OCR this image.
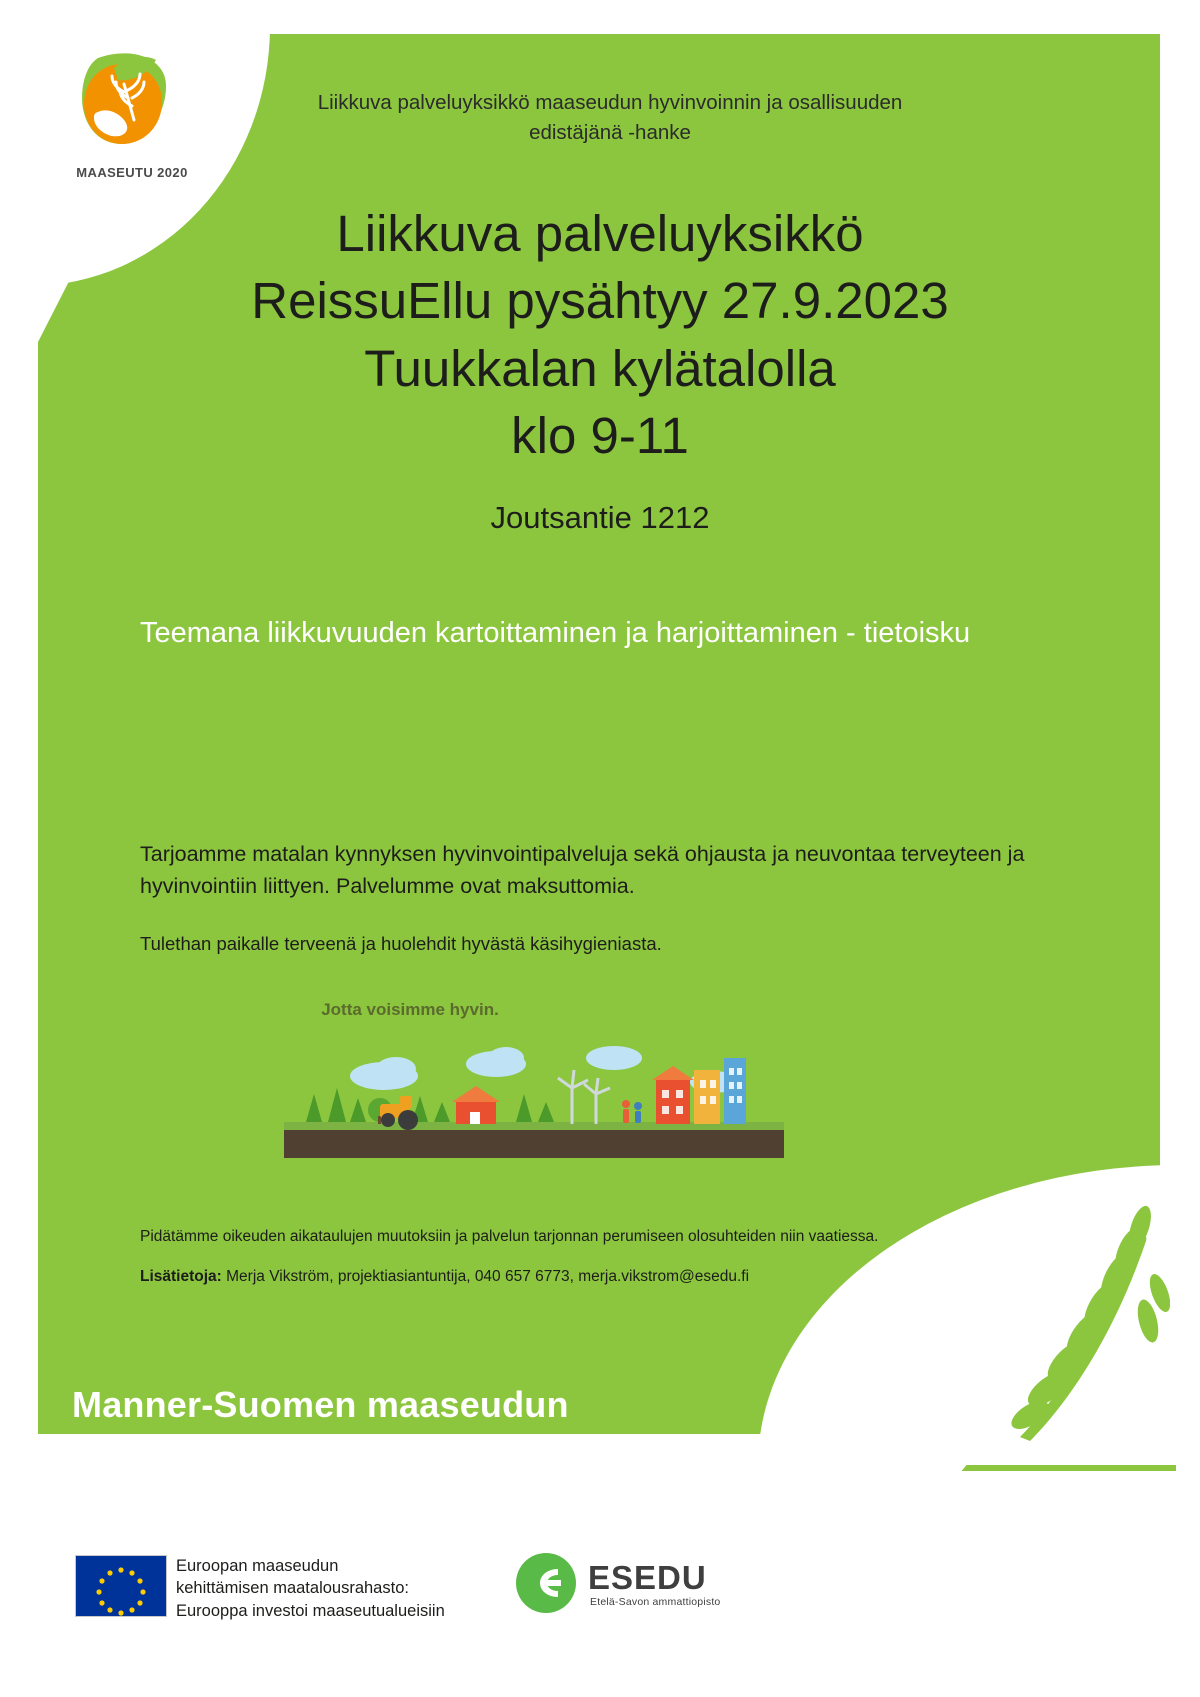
MAASEUTU 2020
Liikkuva palveluyksikkö maaseudun hyvinvoinnin ja osallisuuden edistäjänä -hanke
Liikkuva palveluyksikkö
ReissuEllu pysähtyy 27.9.2023
Tuukkalan kylätalolla
klo 9-11
Joutsantie 1212
Teemana liikkuvuuden kartoittaminen ja harjoittaminen - tietoisku
Tarjoamme matalan kynnyksen hyvinvointipalveluja sekä ohjausta ja neuvontaa terveyteen ja hyvinvointiin liittyen. Palvelumme ovat maksuttomia.
Tulethan paikalle terveenä ja huolehdit hyvästä käsihygieniasta.
Jotta voisimme hyvin.
Pidätämme oikeuden aikataulujen muutoksiin ja palvelun tarjonnan perumiseen olosuhteiden niin vaatiessa.
Lisätietoja: Merja Vikström, projektiasiantuntija, 040 657 6773, merja.vikstrom@esedu.fi
Manner-Suomen maaseudun
kehittämisohjelma 2014–2020
Euroopan maaseudun
kehittämisen maatalousrahasto:
Eurooppa investoi maaseutualueisiin
ESEDU
Etelä-Savon ammattiopisto
